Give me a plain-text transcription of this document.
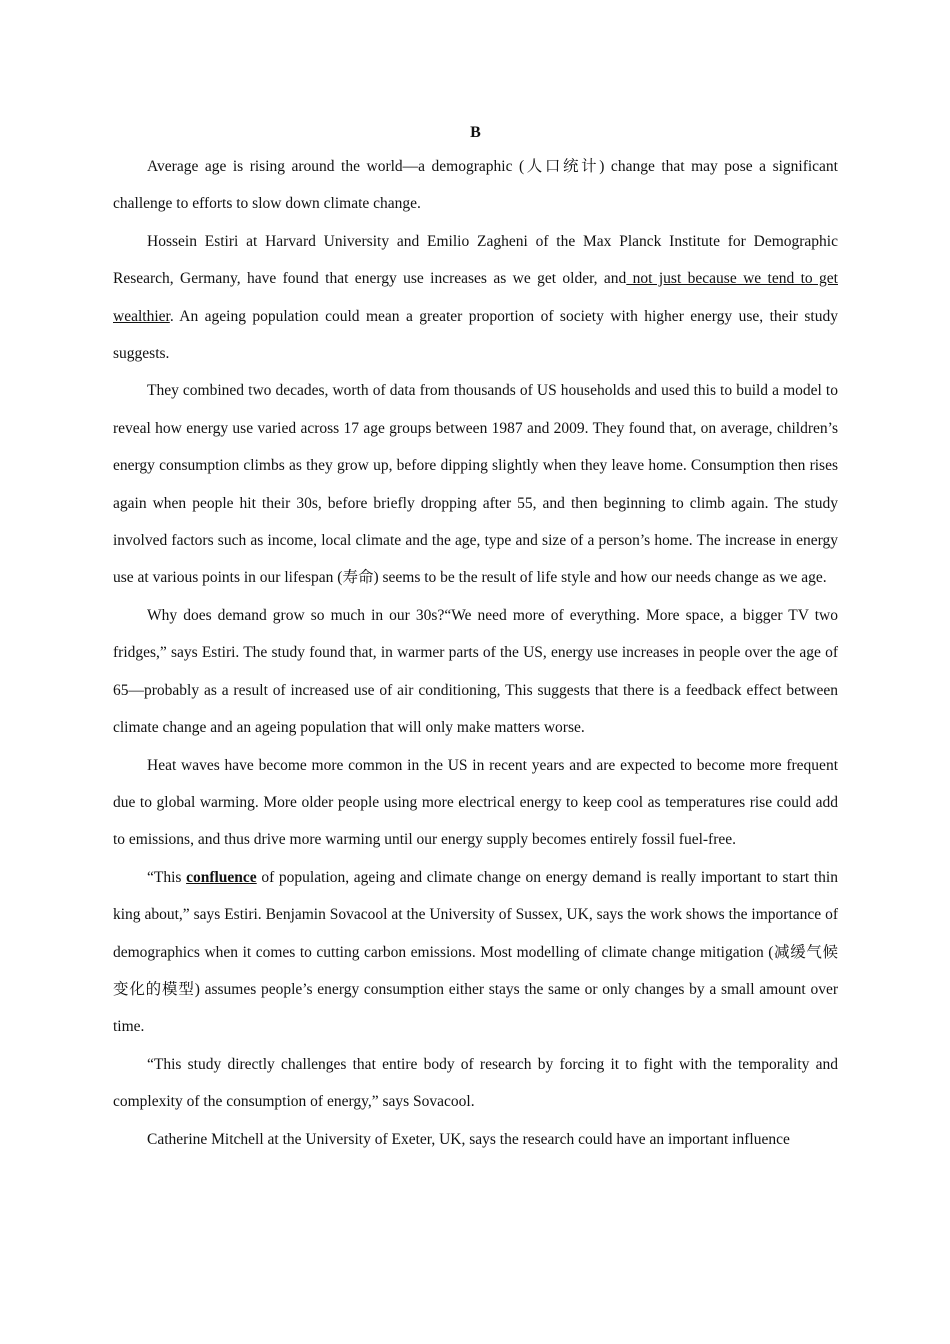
B

Average age is rising around the world—a demographic (人口统计) change that may pose a significant challenge to efforts to slow down climate change.

Hossein Estiri at Harvard University and Emilio Zagheni of the Max Planck Institute for Demographic Research, Germany, have found that energy use increases as we get older, and not just because we tend to get wealthier. An ageing population could mean a greater proportion of society with higher energy use, their study suggests.

They combined two decades, worth of data from thousands of US households and used this to build a model to reveal how energy use varied across 17 age groups between 1987 and 2009. They found that, on average, children’s energy consumption climbs as they grow up, before dipping slightly when they leave home. Consumption then rises again when people hit their 30s, before briefly dropping after 55, and then beginning to climb again. The study involved factors such as income, local climate and the age, type and size of a person’s home. The increase in energy use at various points in our lifespan (寿命) seems to be the result of life style and how our needs change as we age.

Why does demand grow so much in our 30s?“We need more of everything. More space, a bigger TV two fridges,” says Estiri. The study found that, in warmer parts of the US, energy use increases in people over the age of 65—probably as a result of increased use of air conditioning, This suggests that there is a feedback effect between climate change and an ageing population that will only make matters worse.

Heat waves have become more common in the US in recent years and are expected to become more frequent due to global warming. More older people using more electrical energy to keep cool as temperatures rise could add to emissions, and thus drive more warming until our energy supply becomes entirely fossil fuel-free.

“This confluence of population, ageing and climate change on energy demand is really important to start thin king about,” says Estiri. Benjamin Sovacool at the University of Sussex, UK, says the work shows the importance of demographics when it comes to cutting carbon emissions. Most modelling of climate change mitigation (减缓气候变化的模型) assumes people’s energy consumption either stays the same or only changes by a small amount over time.

“This study directly challenges that entire body of research by forcing it to fight with the temporality and complexity of the consumption of energy,” says Sovacool.

Catherine Mitchell at the University of Exeter, UK, says the research could have an important influence
